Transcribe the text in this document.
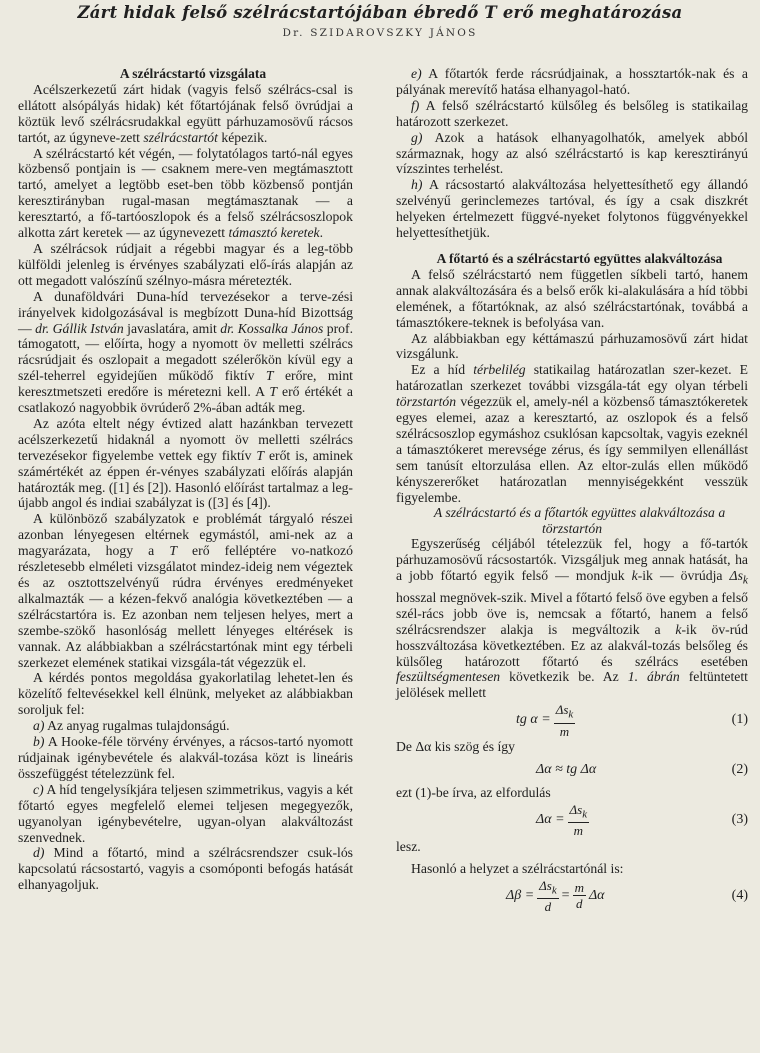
Zárt hidak felső szélrácstartójában ébredő T erő meghatározása
Dr. SZIDAROVSZKY JÁNOS

A szélrácstartó vizsgálata

Acélszerkezetű zárt hidak (vagyis felső szélrács-csal is ellátott alsópályás hidak) két főtartójának felső övrúdjai a köztük levő szélrácsrudakkal együtt párhuzamosövű rácsos tartót, az úgyneve-zett szélrácstartót képezik.

A szélrácstartó két végén, — folytatólagos tartó-nál egyes közbenső pontjain is — csaknem mere-ven megtámasztott tartó, amelyet a legtöbb eset-ben több közbenső pontján keresztirányban rugal-masan megtámasztanak — a keresztartó, a fő-tartóoszlopok és a felső szélrácsoszlopok alkotta zárt keretek — az úgynevezett támasztó keretek.

A szélrácsok rúdjait a régebbi magyar és a leg-több külföldi jelenleg is érvényes szabályzati elő-írás alapján az ott megadott valószínű szélnyo-másra méretezték.

A dunaföldvári Duna-híd tervezésekor a terve-zési irányelvek kidolgozásával is megbízott Duna-híd Bizottság — dr. Gállik István javaslatára, amit dr. Kossalka János prof. támogatott, — előírta, hogy a nyomott öv melletti szélrács rácsrúdjait és oszlopait a megadott szélerőkön kívül egy a szél-teherrel egyidejűen működő fiktív T erőre, mint keresztmetszeti eredőre is méretezni kell. A T erő értékét a csatlakozó nagyobbik övrúderő 2%-ában adták meg.

Az azóta eltelt négy évtized alatt hazánkban tervezett acélszerkezetű hidaknál a nyomott öv melletti szélrács tervezésekor figyelembe vettek egy fiktív T erőt is, aminek számértékét az éppen ér-vényes szabályzati előírás alapján határozták meg. ([1] és [2]). Hasonló előírást tartalmaz a leg-újabb angol és indiai szabályzat is ([3] és [4]).

A különböző szabályzatok e problémát tárgyaló részei azonban lényegesen eltérnek egymástól, ami-nek az a magyarázata, hogy a T erő felléptére vo-natkozó részletesebb elméleti vizsgálatot mindez-ideig nem végeztek és az osztottszelvényű rúdra érvényes eredményeket alkalmazták — a kézen-fekvő analógia következtében — a szélrácstartóra is. Ez azonban nem teljesen helyes, mert a szembe-szökő hasonlóság mellett lényeges eltérések is vannak. Az alábbiakban a szélrácstartónak mint egy térbeli szerkezet elemének statikai vizsgála-tát végezzük el.

A kérdés pontos megoldása gyakorlatilag lehetet-len és közelítő feltevésekkel kell élnünk, melyeket az alábbiakban soroljuk fel:

a) Az anyag rugalmas tulajdonságú.

b) A Hooke-féle törvény érvényes, a rácsos-tartó nyomott rúdjainak igénybevétele és alakvál-tozása közt is lineáris összefüggést tételezzünk fel.

c) A híd tengelysíkjára teljesen szimmetrikus, vagyis a két főtartó egyes megfelelő elemei teljesen megegyezők, ugyanolyan igénybevételre, ugyan-olyan alakváltozást szenvednek.

d) Mind a főtartó, mind a szélrácsrendszer csuk-lós kapcsolatú rácsostartó, vagyis a csomóponti befogás hatását elhanyagoljuk.

e) A főtartók ferde rácsrúdjainak, a hossztartók-nak és a pályának merevítő hatása elhanyagol-ható.

f) A felső szélrácstartó külsőleg és belsőleg is statikailag határozott szerkezet.

g) Azok a hatások elhanyagolhatók, amelyek abból származnak, hogy az alsó szélrácstartó is kap keresztirányú vízszintes terhelést.

h) A rácsostartó alakváltozása helyettesíthető egy állandó szelvényű gerinclemezes tartóval, és így a csak diszkrét helyeken értelmezett függvé-nyeket folytonos függvényekkel helyettesíthetjük.

A főtartó és a szélrácstartó együttes alakváltozása

A felső szélrácstartó nem független síkbeli tartó, hanem annak alakváltozására és a belső erők ki-alakulására a híd többi elemének, a főtartóknak, az alsó szélrácstartónak, továbbá a támasztókere-teknek is befolyása van.

Az alábbiakban egy kéttámaszú párhuzamosövű zárt hidat vizsgálunk.

Ez a híd térbelilég statikailag határozatlan szer-kezet. E határozatlan szerkezet további vizsgála-tát egy olyan térbeli törzstartón végezzük el, amely-nél a közbenső támasztókeretek egyes elemei, azaz a keresztartó, az oszlopok és a felső szélrácsoszlop egymáshoz csuklósan kapcsoltak, vagyis ezeknél a támasztókeret merevsége zérus, és így semmilyen ellenállást sem tanúsít eltorzulása ellen. Az eltor-zulás ellen működő kényszererőket határozatlan mennyiségekként vesszük figyelembe.

A szélrácstartó és a főtartók együttes alakváltozása a törzstartón

Egyszerűség céljából tételezzük fel, hogy a fő-tartók párhuzamosövű rácsostartók. Vizsgáljuk meg annak hatását, ha a jobb főtartó egyik felső — mondjuk k-ik — övrúdja $\Delta s_k$ hosszal megnövek-szik. Mivel a főtartó felső öve egyben a felső szél-rács jobb öve is, nemcsak a főtartó, hanem a felső szélrácsrendszer alakja is megváltozik a k-ik öv-rúd hosszváltozása következtében. Ez az alakvál-tozás belsőleg és külsőleg határozott főtartó és szélrács esetében feszültségmentesen következik be. Az 1. ábrán feltüntetett jelölések mellett

tg $\alpha = \frac{\Delta s_k}{m}$	(1)

De Δα kis szög és így

Δα ≈ tg Δα	(2)

ezt (1)-be írva, az elfordulás

$\Delta\alpha = \frac{\Delta s_k}{m}$	(3)

lesz.

Hasonló a helyzet a szélrácstartónál is:

$\Delta\beta = \frac{\Delta s_k}{d} = \frac{m}{d}$ Δα	(4)
